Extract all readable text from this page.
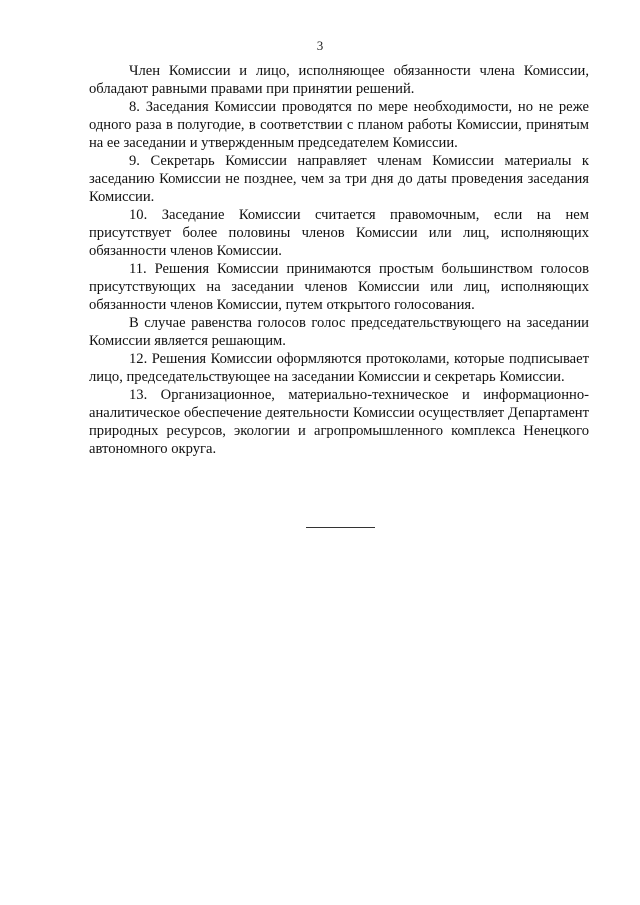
3

Член Комиссии и лицо, исполняющее обязанности члена Комиссии, обладают равными правами при принятии решений.

8. Заседания Комиссии проводятся по мере необходимости, но не реже одного раза в полугодие, в соответствии с планом работы Комиссии, принятым на ее заседании и утвержденным председателем Комиссии.

9. Секретарь Комиссии направляет членам Комиссии материалы к заседанию Комиссии не позднее, чем за три дня до даты проведения заседания Комиссии.

10. Заседание Комиссии считается правомочным, если на нем присутствует более половины членов Комиссии или лиц, исполняющих обязанности членов Комиссии.

11. Решения Комиссии принимаются простым большинством голосов присутствующих на заседании членов Комиссии или лиц, исполняющих обязанности членов Комиссии, путем открытого голосования.

В случае равенства голосов голос председательствующего на заседании Комиссии является решающим.

12. Решения Комиссии оформляются протоколами, которые подписывает лицо, председательствующее на заседании Комиссии и секретарь Комиссии.

13. Организационное, материально-техническое и информационно-аналитическое обеспечение деятельности Комиссии осуществляет Департамент природных ресурсов, экологии и агропромышленного комплекса Ненецкого автономного округа.
